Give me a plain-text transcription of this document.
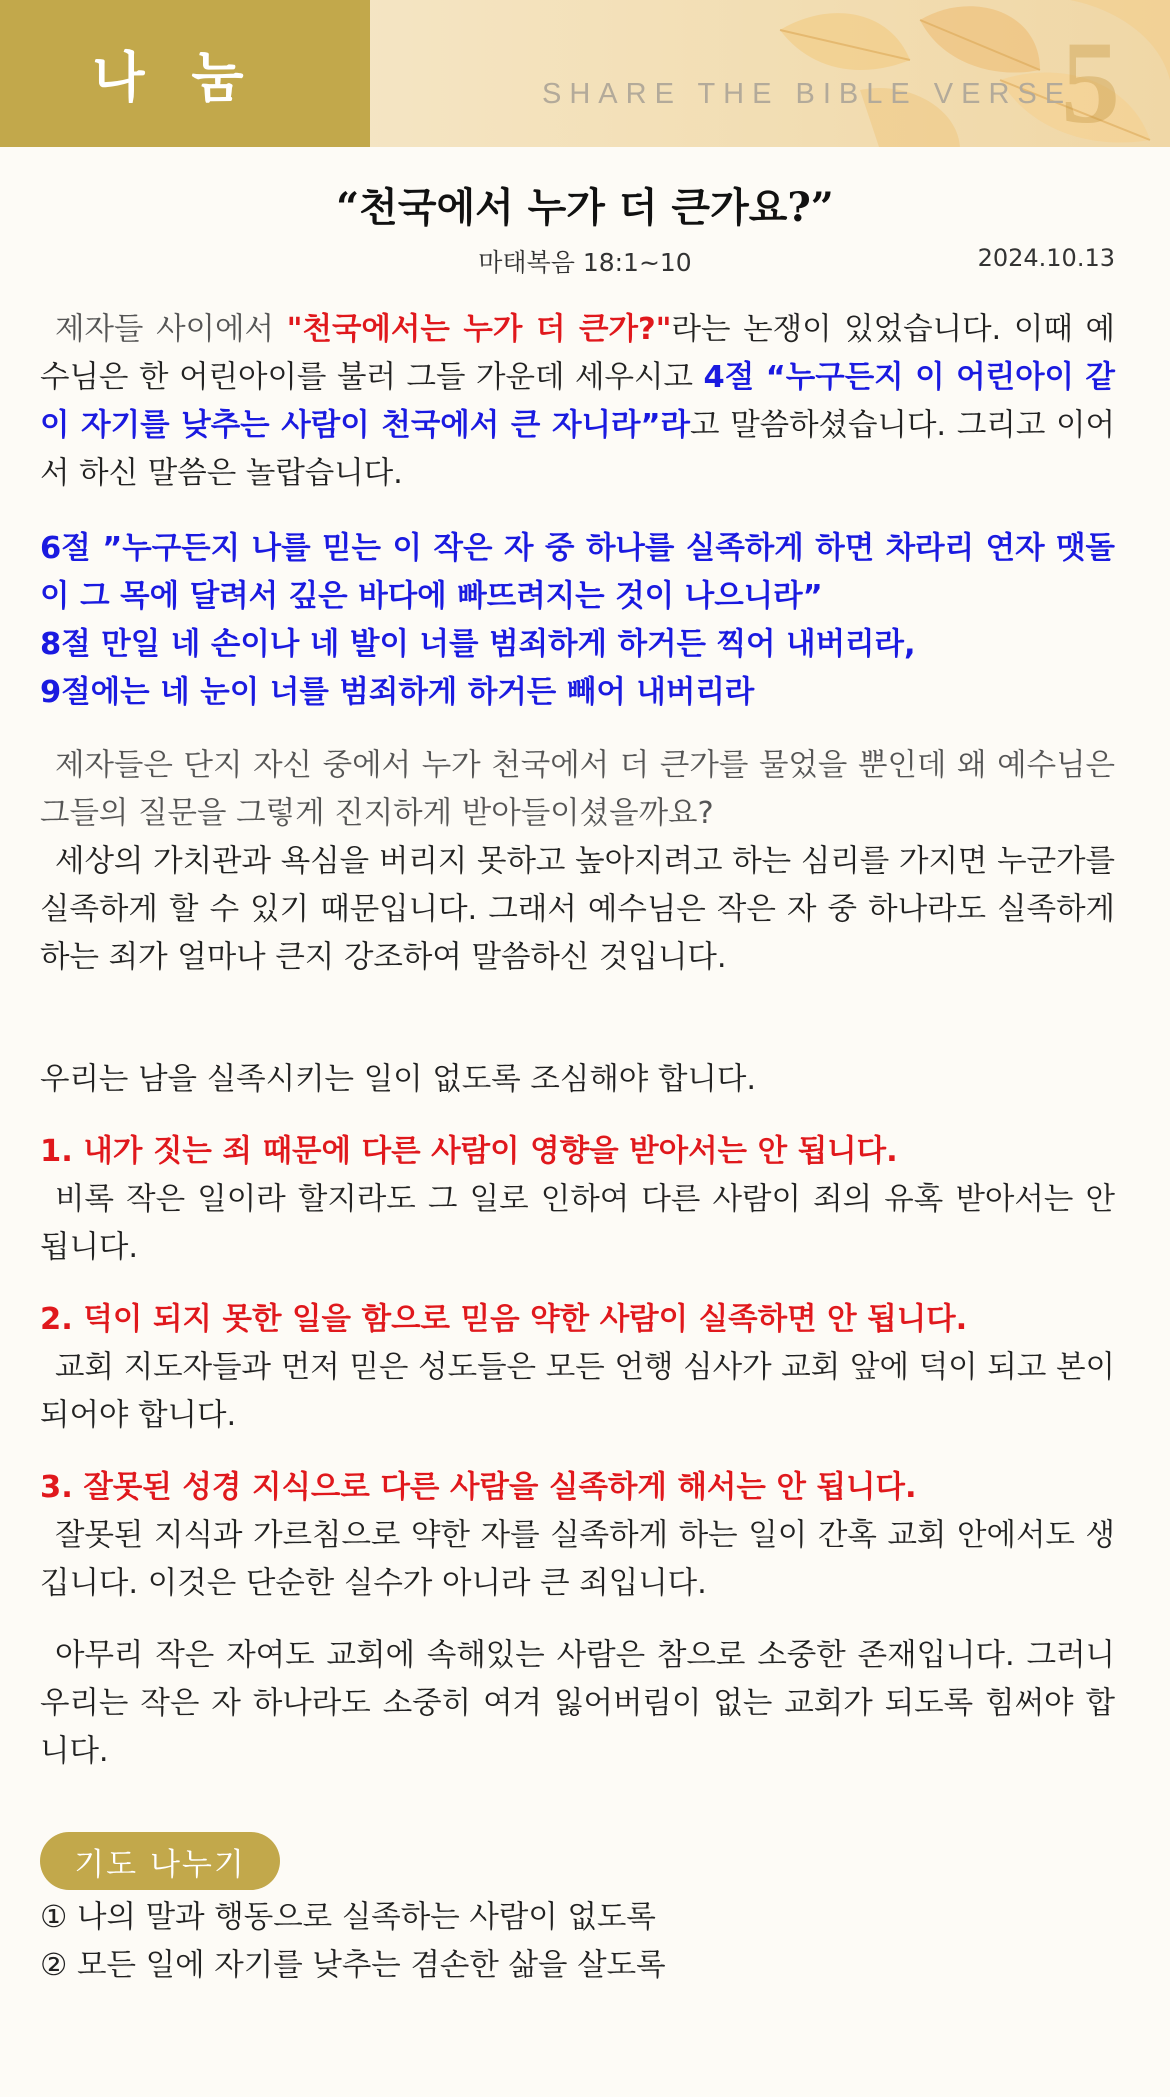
나 눔	SHARE THE BIBLE VERSE
5
“천국에서 누가 더 큰가요?”
마태복음 18:1~10	2024.10.13

제자들 사이에서 "천국에서는 누가 더 큰가?"라는 논쟁이 있었습니다. 이때 예수님은 한 어린아이를 불러 그들 가운데 세우시고 4절 “누구든지 이 어린아이 같이 자기를 낮추는 사람이 천국에서 큰 자니라”라고 말씀하셨습니다. 그리고 이어서 하신 말씀은 놀랍습니다.

6절 ”누구든지 나를 믿는 이 작은 자 중 하나를 실족하게 하면 차라리 연자 맷돌이 그 목에 달려서 깊은 바다에 빠뜨려지는 것이 나으니라”

8절 만일 네 손이나 네 발이 너를 범죄하게 하거든 찍어 내버리라,

9절에는 네 눈이 너를 범죄하게 하거든 빼어 내버리라

제자들은 단지 자신 중에서 누가 천국에서 더 큰가를 물었을 뿐인데 왜 예수님은 그들의 질문을 그렇게 진지하게 받아들이셨을까요?

세상의 가치관과 욕심을 버리지 못하고 높아지려고 하는 심리를 가지면 누군가를 실족하게 할 수 있기 때문입니다. 그래서 예수님은 작은 자 중 하나라도 실족하게 하는 죄가 얼마나 큰지 강조하여 말씀하신 것입니다.

우리는 남을 실족시키는 일이 없도록 조심해야 합니다.

1. 내가 짓는 죄 때문에 다른 사람이 영향을 받아서는 안 됩니다.

비록 작은 일이라 할지라도 그 일로 인하여 다른 사람이 죄의 유혹 받아서는 안 됩니다.

2. 덕이 되지 못한 일을 함으로 믿음 약한 사람이 실족하면 안 됩니다.

교회 지도자들과 먼저 믿은 성도들은 모든 언행 심사가 교회 앞에 덕이 되고 본이 되어야 합니다.

3. 잘못된 성경 지식으로 다른 사람을 실족하게 해서는 안 됩니다.

잘못된 지식과 가르침으로 약한 자를 실족하게 하는 일이 간혹 교회 안에서도 생깁니다. 이것은 단순한 실수가 아니라 큰 죄입니다.

아무리 작은 자여도 교회에 속해있는 사람은 참으로 소중한 존재입니다. 그러니 우리는 작은 자 하나라도 소중히 여겨 잃어버림이 없는 교회가 되도록 힘써야 합니다.

기도 나누기

① 나의 말과 행동으로 실족하는 사람이 없도록

② 모든 일에 자기를 낮추는 겸손한 삶을 살도록
